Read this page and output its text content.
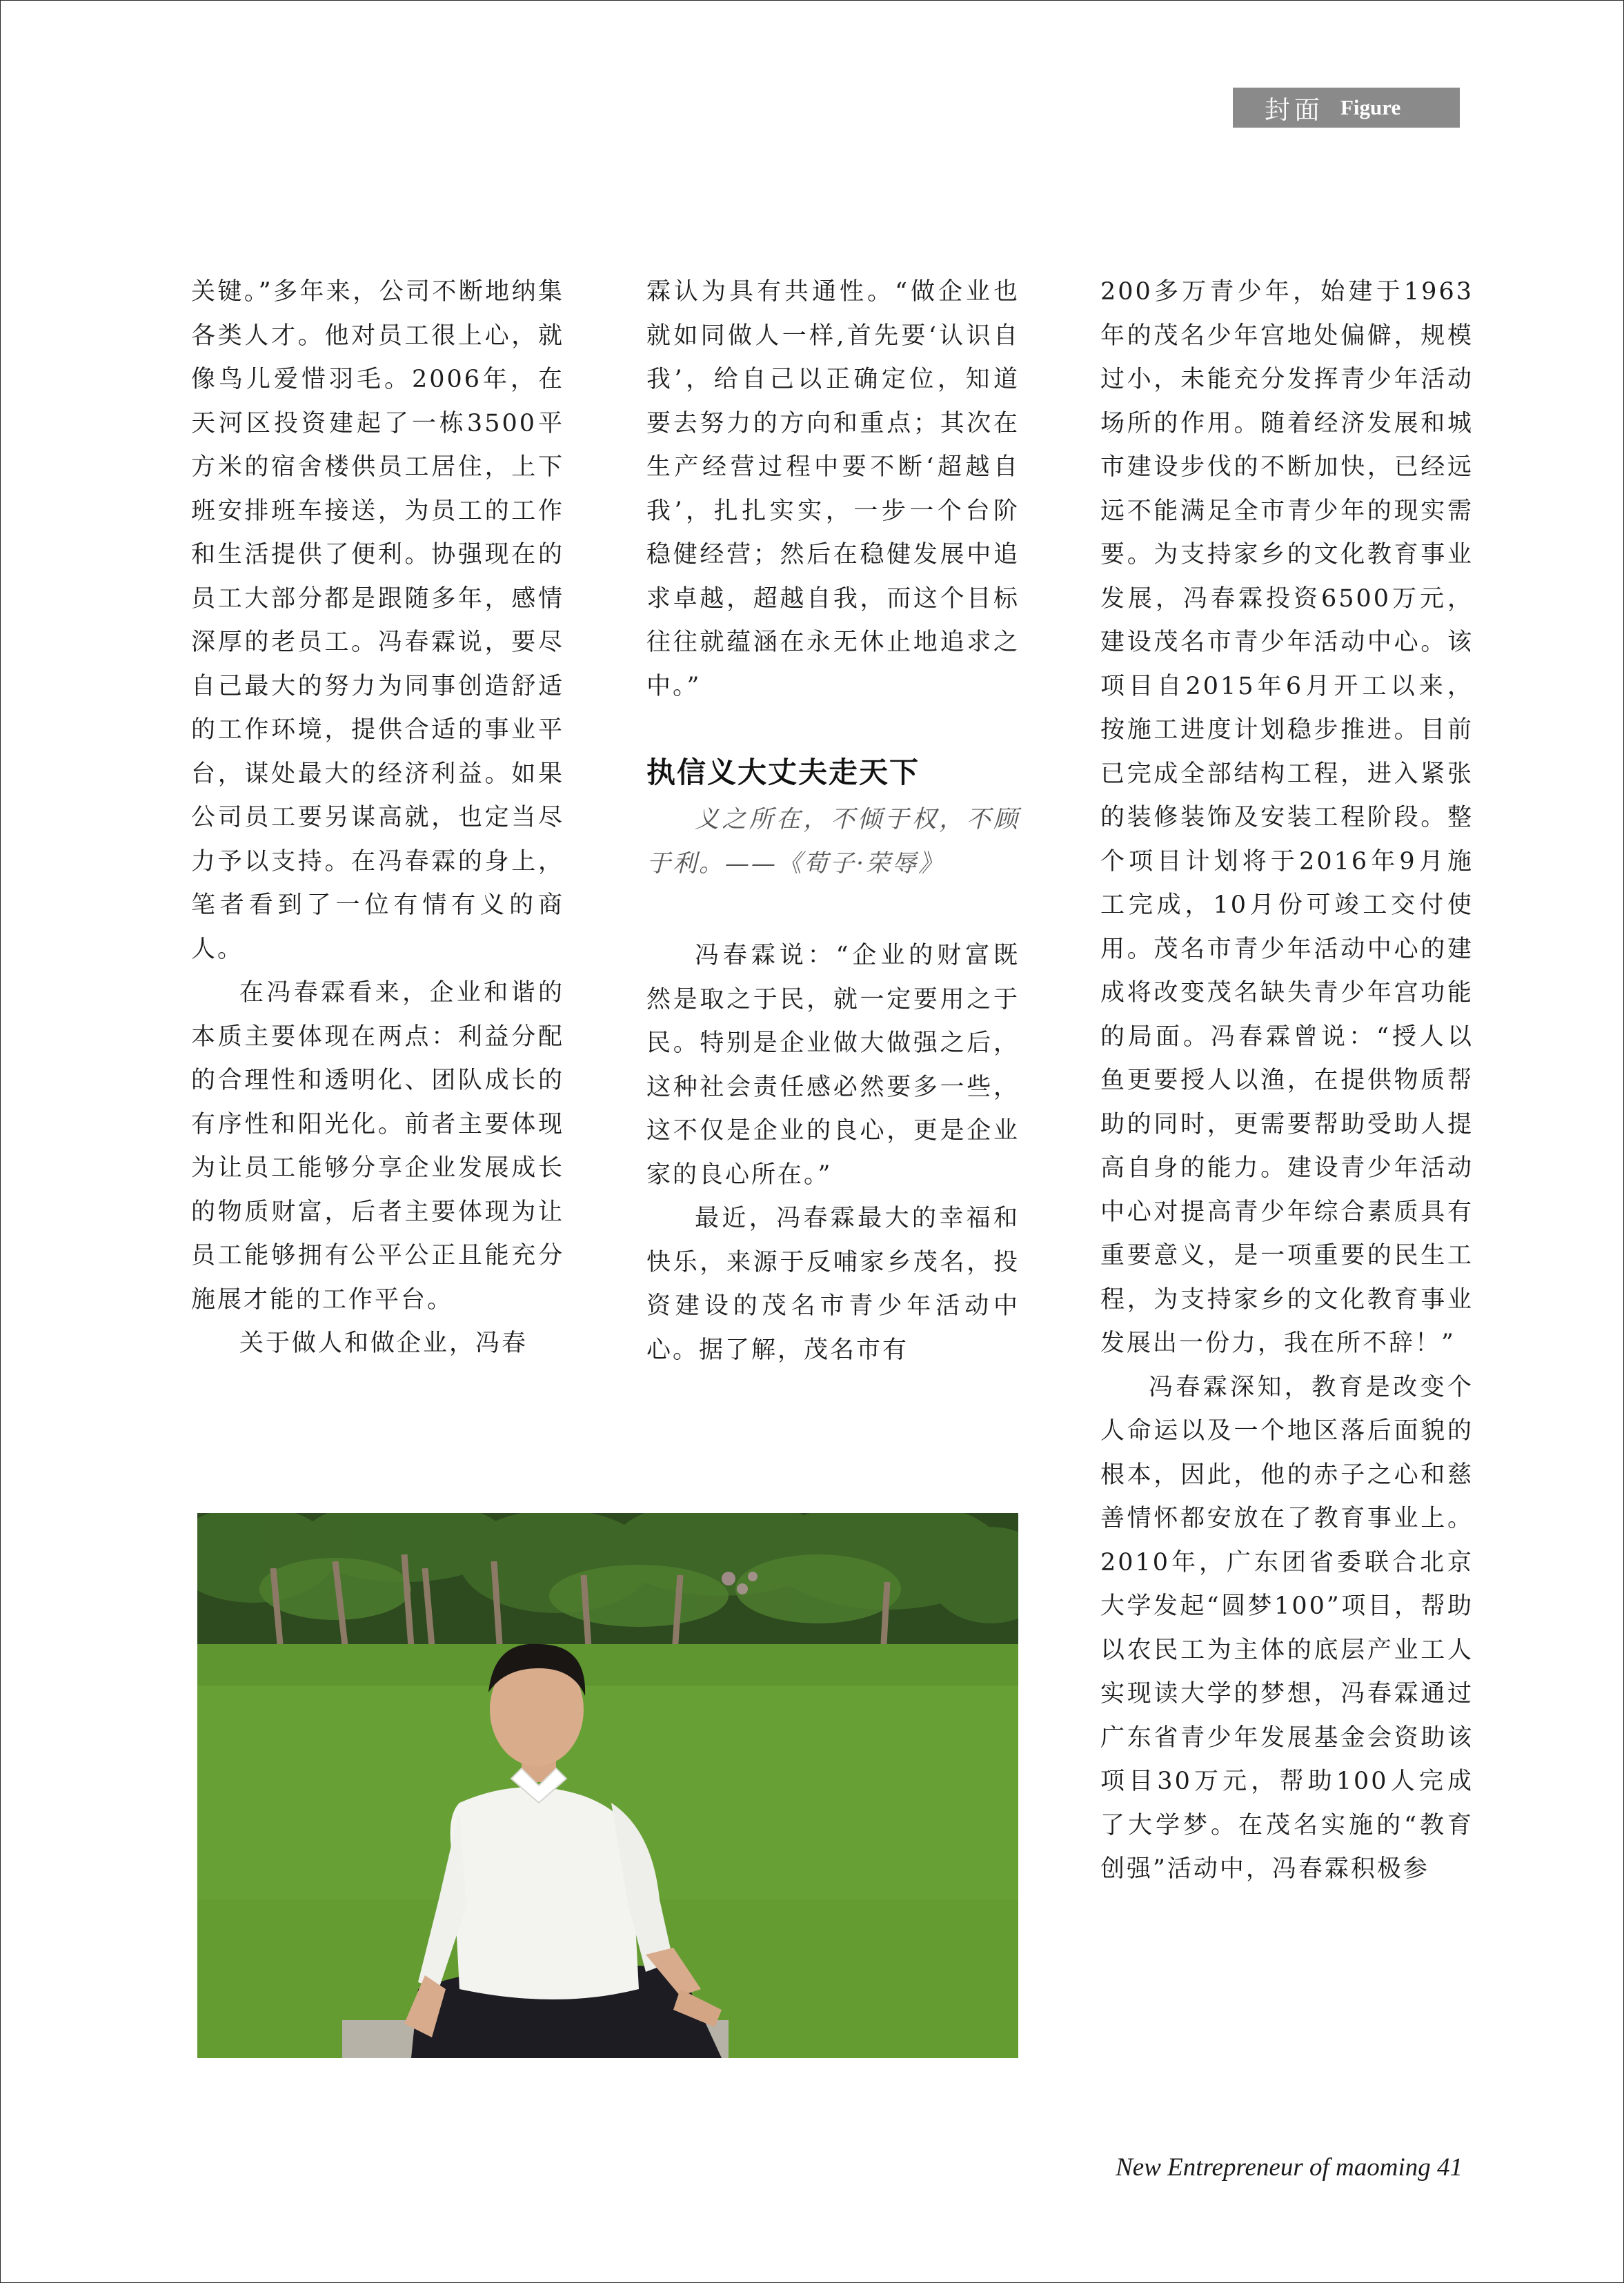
封面 Figure

关键。”多年来，公司不断地纳集各类人才。他对员工很上心，就像鸟儿爱惜羽毛。2006年，在天河区投资建起了一栋3500平方米的宿舍楼供员工居住，上下班安排班车接送，为员工的工作和生活提供了便利。协强现在的员工大部分都是跟随多年，感情深厚的老员工。冯春霖说，要尽自己最大的努力为同事创造舒适的工作环境，提供合适的事业平台，谋处最大的经济利益。如果公司员工要另谋高就，也定当尽力予以支持。在冯春霖的身上，笔者看到了一位有情有义的商人。

在冯春霖看来，企业和谐的本质主要体现在两点：利益分配的合理性和透明化、团队成长的有序性和阳光化。前者主要体现为让员工能够分享企业发展成长的物质财富，后者主要体现为让员工能够拥有公平公正且能充分施展才能的工作平台。

关于做人和做企业，冯春

霖认为具有共通性。“做企业也就如同做人一样,首先要‘认识自我’，给自己以正确定位，知道要去努力的方向和重点；其次在生产经营过程中要不断‘超越自我’，扎扎实实，一步一个台阶稳健经营；然后在稳健发展中追求卓越，超越自我，而这个目标往往就蕴涵在永无休止地追求之中。”

执信义大丈夫走天下

义之所在，不倾于权，不顾于利。——《荀子·荣辱》

冯春霖说：“企业的财富既然是取之于民，就一定要用之于民。特别是企业做大做强之后，这种社会责任感必然要多一些，这不仅是企业的良心，更是企业家的良心所在。”

最近，冯春霖最大的幸福和快乐，来源于反哺家乡茂名，投资建设的茂名市青少年活动中心。据了解，茂名市有

200多万青少年，始建于1963年的茂名少年宫地处偏僻，规模过小，未能充分发挥青少年活动场所的作用。随着经济发展和城市建设步伐的不断加快，已经远远不能满足全市青少年的现实需要。为支持家乡的文化教育事业发展，冯春霖投资6500万元，建设茂名市青少年活动中心。该项目自2015年6月开工以来，按施工进度计划稳步推进。目前已完成全部结构工程，进入紧张的装修装饰及安装工程阶段。整个项目计划将于2016年9月施工完成，10月份可竣工交付使用。茂名市青少年活动中心的建成将改变茂名缺失青少年宫功能的局面。冯春霖曾说：“授人以鱼更要授人以渔，在提供物质帮助的同时，更需要帮助受助人提高自身的能力。建设青少年活动中心对提高青少年综合素质具有重要意义，是一项重要的民生工程，为支持家乡的文化教育事业发展出一份力，我在所不辞！”

冯春霖深知，教育是改变个人命运以及一个地区落后面貌的根本，因此，他的赤子之心和慈善情怀都安放在了教育事业上。2010年，广东团省委联合北京大学发起“圆梦100”项目，帮助以农民工为主体的底层产业工人实现读大学的梦想，冯春霖通过广东省青少年发展基金会资助该项目30万元，帮助100人完成了大学梦。在茂名实施的“教育创强”活动中，冯春霖积极参

New Entrepreneur of maoming 41
